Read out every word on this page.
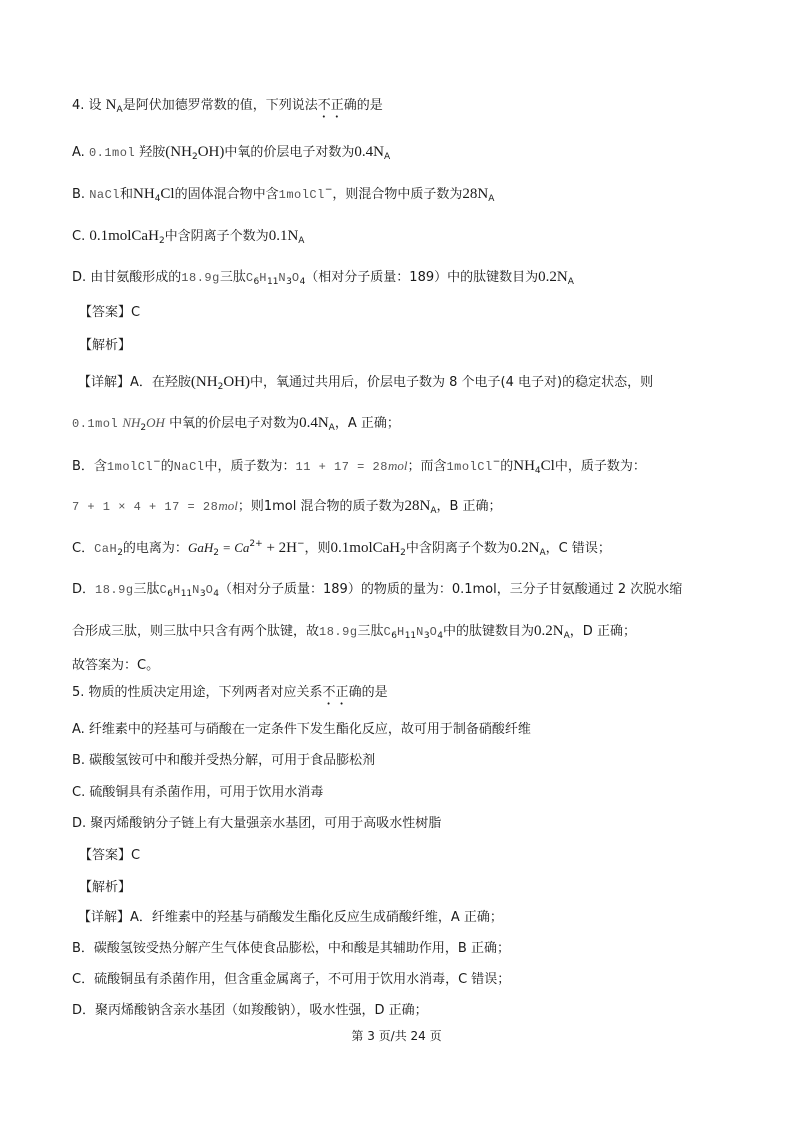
4. 设 $N_A$是阿伏加德罗常数的值，下列说法不正确的是
A. 0.1mol 羟胺$(NH_2OH)$中氧的价层电子对数为$0.4N_A$
B. NaCl和$NH_4Cl$的固体混合物中含1molCl−，则混合物中质子数为$28N_A$
C. 0.1molCaH$_2$中含阴离子个数为$0.1N_A$
D. 由甘氨酸形成的18.9g三肽$C_6H_{11}N_3O_4$（相对分子质量：189）中的肽键数目为$0.2N_A$
【答案】C
【解析】
【详解】A．在羟胺$(NH_2OH)$中，氧通过共用后，价层电子数为 8 个电子(4 电子对)的稳定状态，则
0.1mol $NH_2OH$ 中氧的价层电子对数为$0.4N_A$，A 正确；
B．含1molCl−的NaCl中，质子数为：11 + 17 = 28mol；而含1molCl−的$NH_4Cl$中，质子数为：
7 + 1 × 4 + 17 = 28mol；则1mol 混合物的质子数为$28N_A$，B 正确；
C．CaH$_2$的电离为：$GaH_2 = Ca^{2+} + 2H^-$，则0.1molCaH$_2$中含阴离子个数为$0.2N_A$，C 错误；
D．18.9g三肽$C_6H_{11}N_3O_4$（相对分子质量：189）的物质的量为：0.1mol，三分子甘氨酸通过 2 次脱水缩
合形成三肽，则三肽中只含有两个肽键，故18.9g三肽$C_6H_{11}N_3O_4$中的肽键数目为$0.2N_A$，D 正确；
故答案为：C。
5. 物质的性质决定用途，下列两者对应关系不正确的是
A. 纤维素中的羟基可与硝酸在一定条件下发生酯化反应，故可用于制备硝酸纤维
B. 碳酸氢铵可中和酸并受热分解，可用于食品膨松剂
C. 硫酸铜具有杀菌作用，可用于饮用水消毒
D. 聚丙烯酸钠分子链上有大量强亲水基团，可用于高吸水性树脂
【答案】C
【解析】
【详解】A．纤维素中的羟基与硝酸发生酯化反应生成硝酸纤维，A 正确；
B．碳酸氢铵受热分解产生气体使食品膨松，中和酸是其辅助作用，B 正确；
C．硫酸铜虽有杀菌作用，但含重金属离子，不可用于饮用水消毒，C 错误；
D．聚丙烯酸钠含亲水基团（如羧酸钠），吸水性强，D 正确；
第 3 页/共 24 页
